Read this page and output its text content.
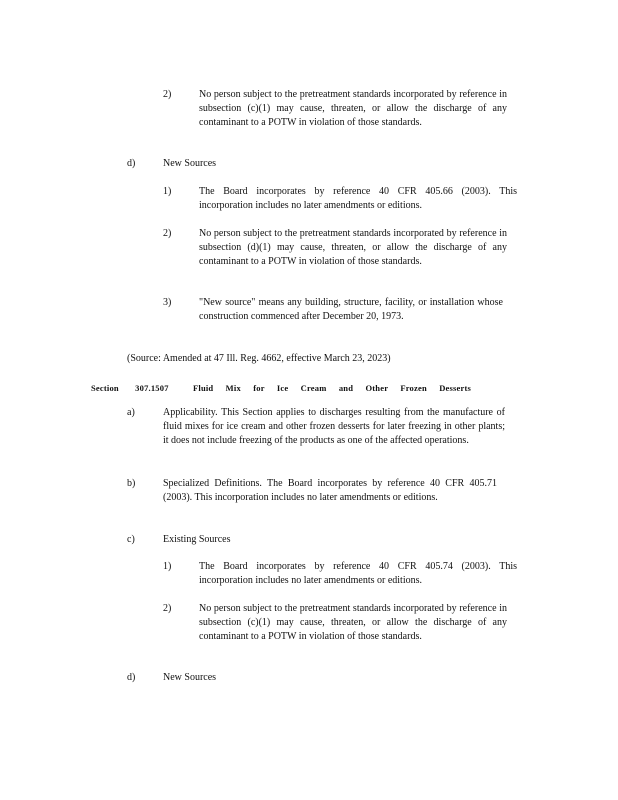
2)	No person subject to the pretreatment standards incorporated by reference in subsection (c)(1) may cause, threaten, or allow the discharge of any contaminant to a POTW in violation of those standards.
d)	New Sources
1)	The Board incorporates by reference 40 CFR 405.66 (2003). This incorporation includes no later amendments or editions.
2)	No person subject to the pretreatment standards incorporated by reference in subsection (d)(1) may cause, threaten, or allow the discharge of any contaminant to a POTW in violation of those standards.
3)	"New source" means any building, structure, facility, or installation whose construction commenced after December 20, 1973.
(Source: Amended at 47 Ill. Reg. 4662, effective March 23, 2023)
Section 307.1507	Fluid Mix for Ice Cream and Other Frozen Desserts
a)	Applicability. This Section applies to discharges resulting from the manufacture of fluid mixes for ice cream and other frozen desserts for later freezing in other plants; it does not include freezing of the products as one of the affected operations.
b)	Specialized Definitions. The Board incorporates by reference 40 CFR 405.71 (2003). This incorporation includes no later amendments or editions.
c)	Existing Sources
1)	The Board incorporates by reference 40 CFR 405.74 (2003). This incorporation includes no later amendments or editions.
2)	No person subject to the pretreatment standards incorporated by reference in subsection (c)(1) may cause, threaten, or allow the discharge of any contaminant to a POTW in violation of those standards.
d)	New Sources
